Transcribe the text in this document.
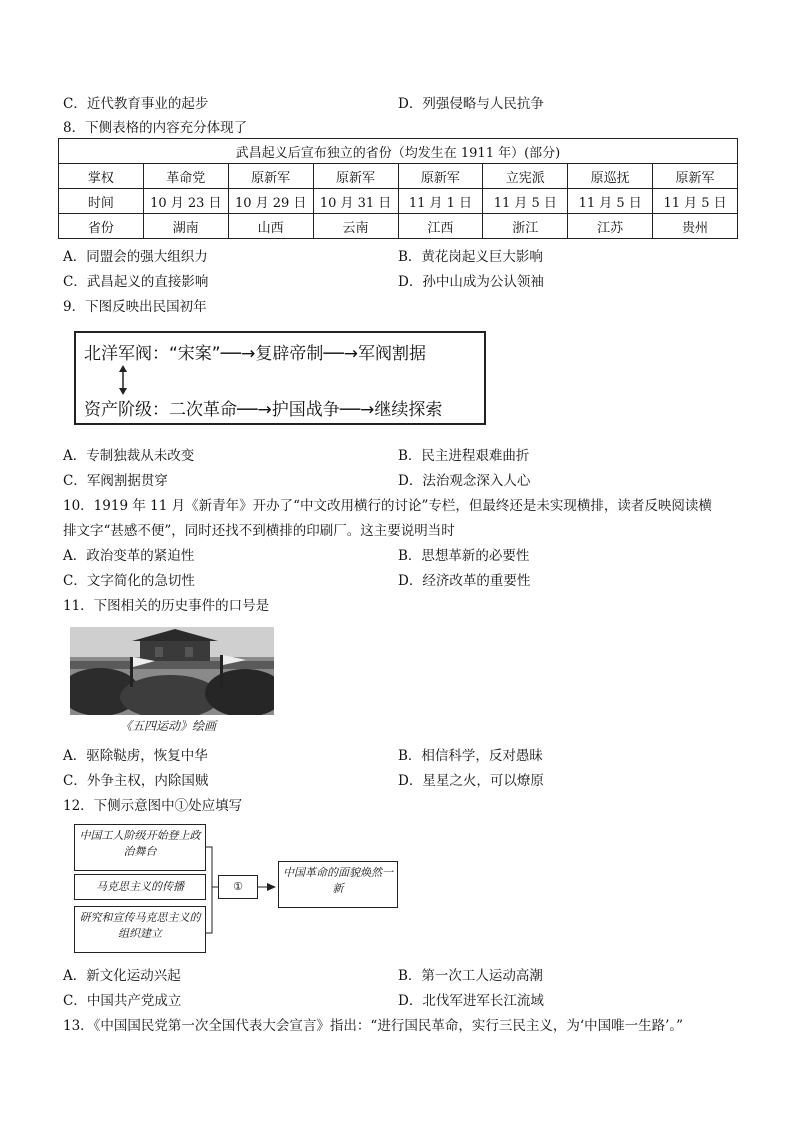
C．近代教育事业的起步	D．列强侵略与人民抗争
8．下侧表格的内容充分体现了
武昌起义后宣布独立的省份（均发生在 1911 年）(部分)							
掌权	革命党	原新军	原新军	原新军	立宪派	原巡抚	原新军
时间	10 月 23 日	10 月 29 日	10 月 31 日	11 月 1 日	11 月 5 日	11 月 5 日	11 月 5 日
省份	湖南	山西	云南	江西	浙江	江苏	贵州
A．同盟会的强大组织力	B．黄花岗起义巨大影响
C．武昌起义的直接影响	D．孙中山成为公认领袖
9．下图反映出民国初年
北洋军阀：“宋案”──→复辟帝制──→军阀割据
资产阶级：二次革命──→护国战争──→继续探索
A．专制独裁从未改变	B．民主进程艰难曲折
C．军阀割据贯穿	D．法治观念深入人心
10．1919 年 11 月《新青年》开办了“中文改用横行的讨论”专栏，但最终还是未实现横排，读者反映阅读横
排文字“甚感不便”，同时还找不到横排的印刷厂。这主要说明当时
A．政治变革的紧迫性	B．思想革新的必要性
C．文字简化的急切性	D．经济改革的重要性
11．下图相关的历史事件的口号是
《五四运动》绘画
A．驱除鞑虏，恢复中华	B．相信科学，反对愚昧
C．外争主权，内除国贼	D．星星之火，可以燎原
12．下侧示意图中①处应填写
中国工人阶级开始登上政治舞台
马克思主义的传播
研究和宣传马克思主义的组织建立
①
中国革命的面貌焕然一新
A．新文化运动兴起	B．第一次工人运动高潮
C．中国共产党成立	D．北伐军进军长江流域
13．《中国国民党第一次全国代表大会宣言》指出：“进行国民革命，实行三民主义，为‘中国唯一生路’。”
